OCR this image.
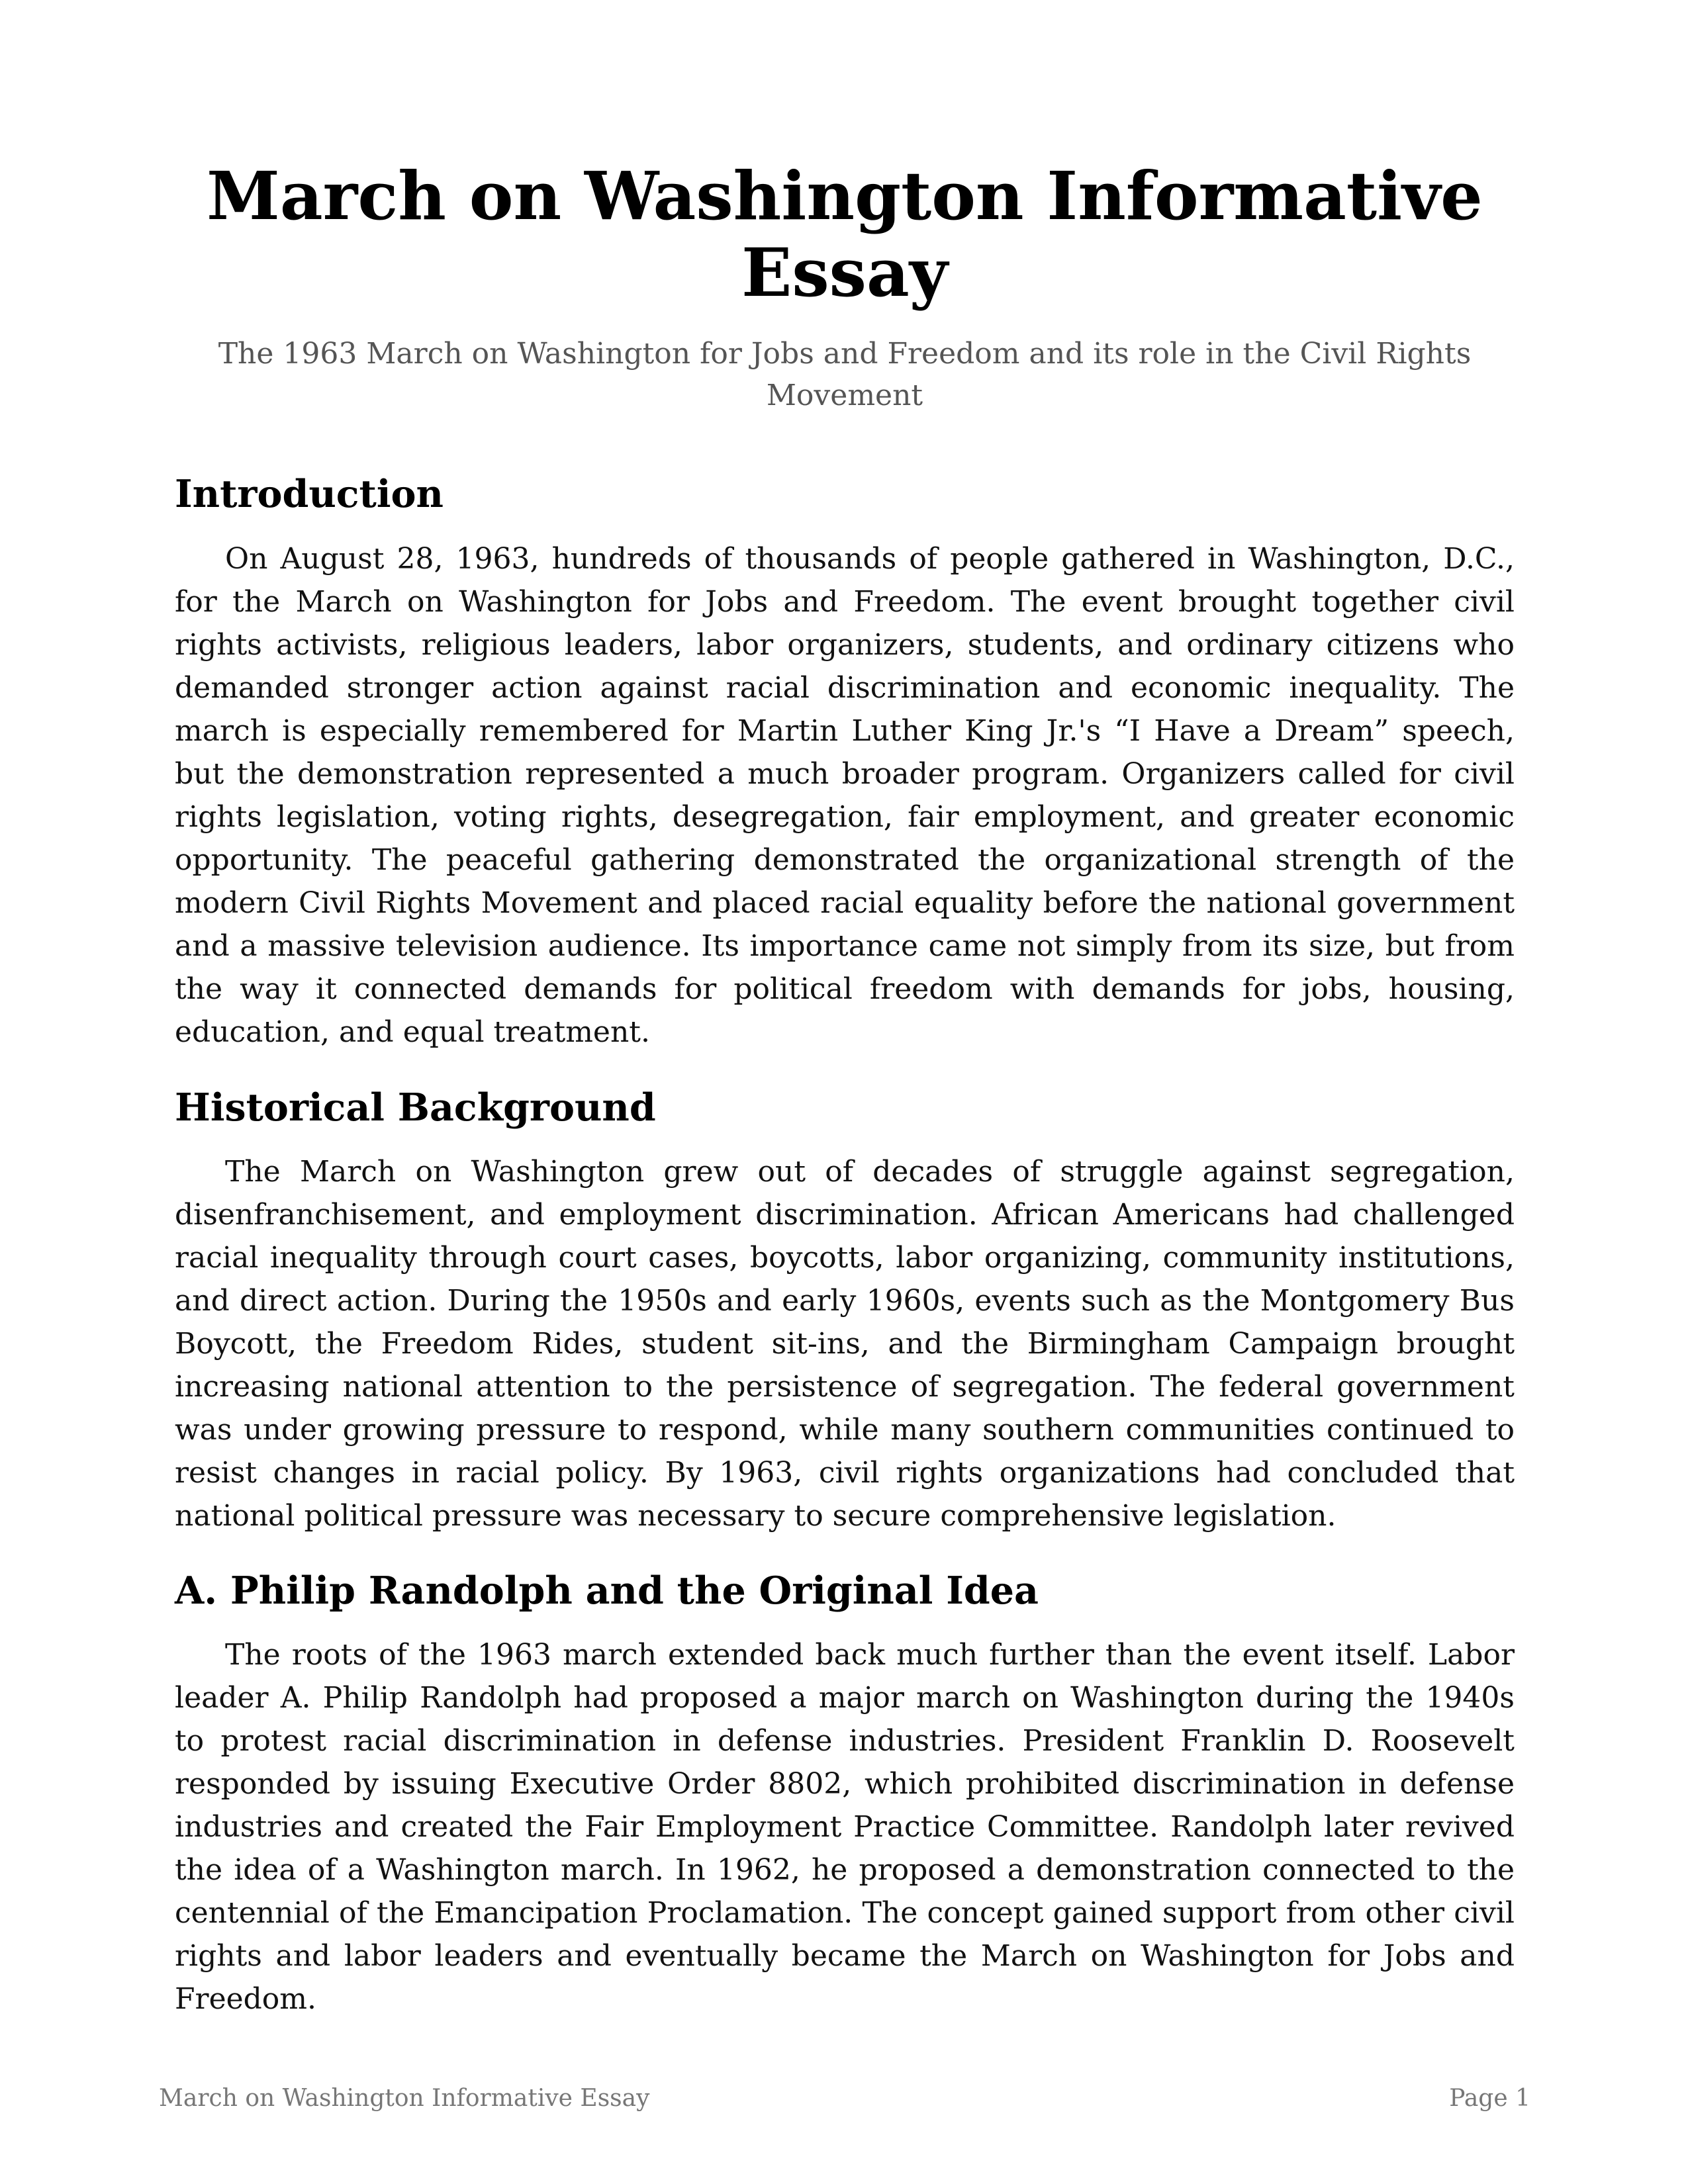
March on Washington Informative Essay

The 1963 March on Washington for Jobs and Freedom and its role in the Civil Rights Movement

Introduction

On August 28, 1963, hundreds of thousands of people gathered in Washington, D.C., for the March on Washington for Jobs and Freedom. The event brought together civil rights activists, religious leaders, labor organizers, students, and ordinary citizens who demanded stronger action against racial discrimination and economic inequality. The march is especially remembered for Martin Luther King Jr.'s “I Have a Dream” speech, but the demonstration represented a much broader program. Organizers called for civil rights legislation, voting rights, desegregation, fair employment, and greater economic opportunity. The peaceful gathering demonstrated the organizational strength of the modern Civil Rights Movement and placed racial equality before the national government and a massive television audience. Its importance came not simply from its size, but from the way it connected demands for political freedom with demands for jobs, housing, education, and equal treatment.

Historical Background

The March on Washington grew out of decades of struggle against segregation, disenfranchisement, and employment discrimination. African Americans had challenged racial inequality through court cases, boycotts, labor organizing, community institutions, and direct action. During the 1950s and early 1960s, events such as the Montgomery Bus Boycott, the Freedom Rides, student sit-ins, and the Birmingham Campaign brought increasing national attention to the persistence of segregation. The federal government was under growing pressure to respond, while many southern communities continued to resist changes in racial policy. By 1963, civil rights organizations had concluded that national political pressure was necessary to secure comprehensive legislation.

A. Philip Randolph and the Original Idea

The roots of the 1963 march extended back much further than the event itself. Labor leader A. Philip Randolph had proposed a major march on Washington during the 1940s to protest racial discrimination in defense industries. President Franklin D. Roosevelt responded by issuing Executive Order 8802, which prohibited discrimination in defense industries and created the Fair Employment Practice Committee. Randolph later revived the idea of a Washington march. In 1962, he proposed a demonstration connected to the centennial of the Emancipation Proclamation. The concept gained support from other civil rights and labor leaders and eventually became the March on Washington for Jobs and Freedom.

March on Washington Informative Essay	Page 1
